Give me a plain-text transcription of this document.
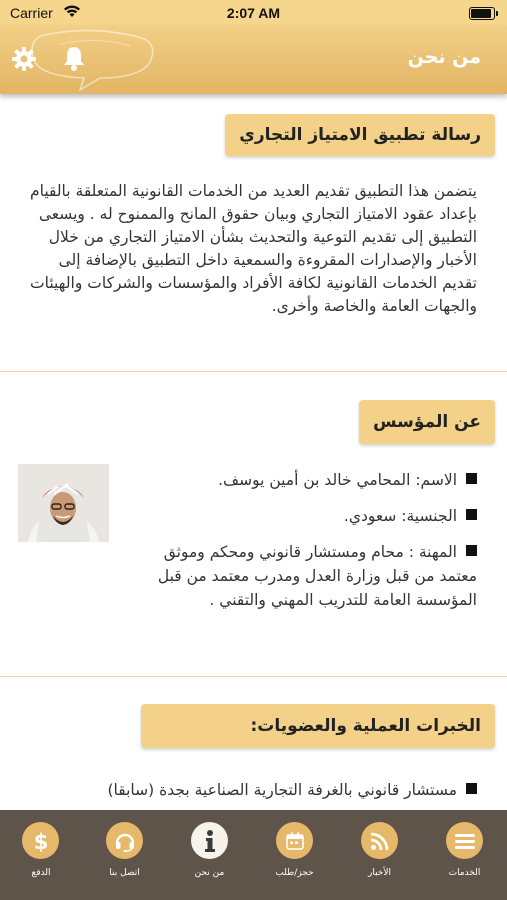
Carrier	2:07 AM
من نحن
رسالة تطبيق الامتياز التجاري

يتضمن هذا التطبيق تقديم العديد من الخدمات القانونية المتعلقة بالقيام بإعداد عقود الامتياز التجاري وبيان حقوق المانح والممنوح له . ويسعى التطبيق إلى تقديم التوعية والتحديث بشأن الامتياز التجاري من خلال الأخبار والإصدارات المقروءة والسمعية داخل التطبيق بالإضافة إلى تقديم الخدمات القانونية لكافة الأفراد والمؤسسات والشركات والهيئات والجهات العامة والخاصة وأخرى.

عن المؤسس
الاسم: المحامي خالد بن أمين يوسف.
الجنسية: سعودي.
المهنة : محام ومستشار قانوني ومحكم وموثق معتمد من قبل وزارة العدل ومدرب معتمد من قبل المؤسسة العامة للتدريب المهني والتقني .
الخبرات العملية والعضويات:
مستشار قانوني بالغرفة التجارية الصناعية بجدة (سابقا)
الخدمات
الأخبار
حجز/طلب
من نحن
اتصل بنا
$
الدفع
